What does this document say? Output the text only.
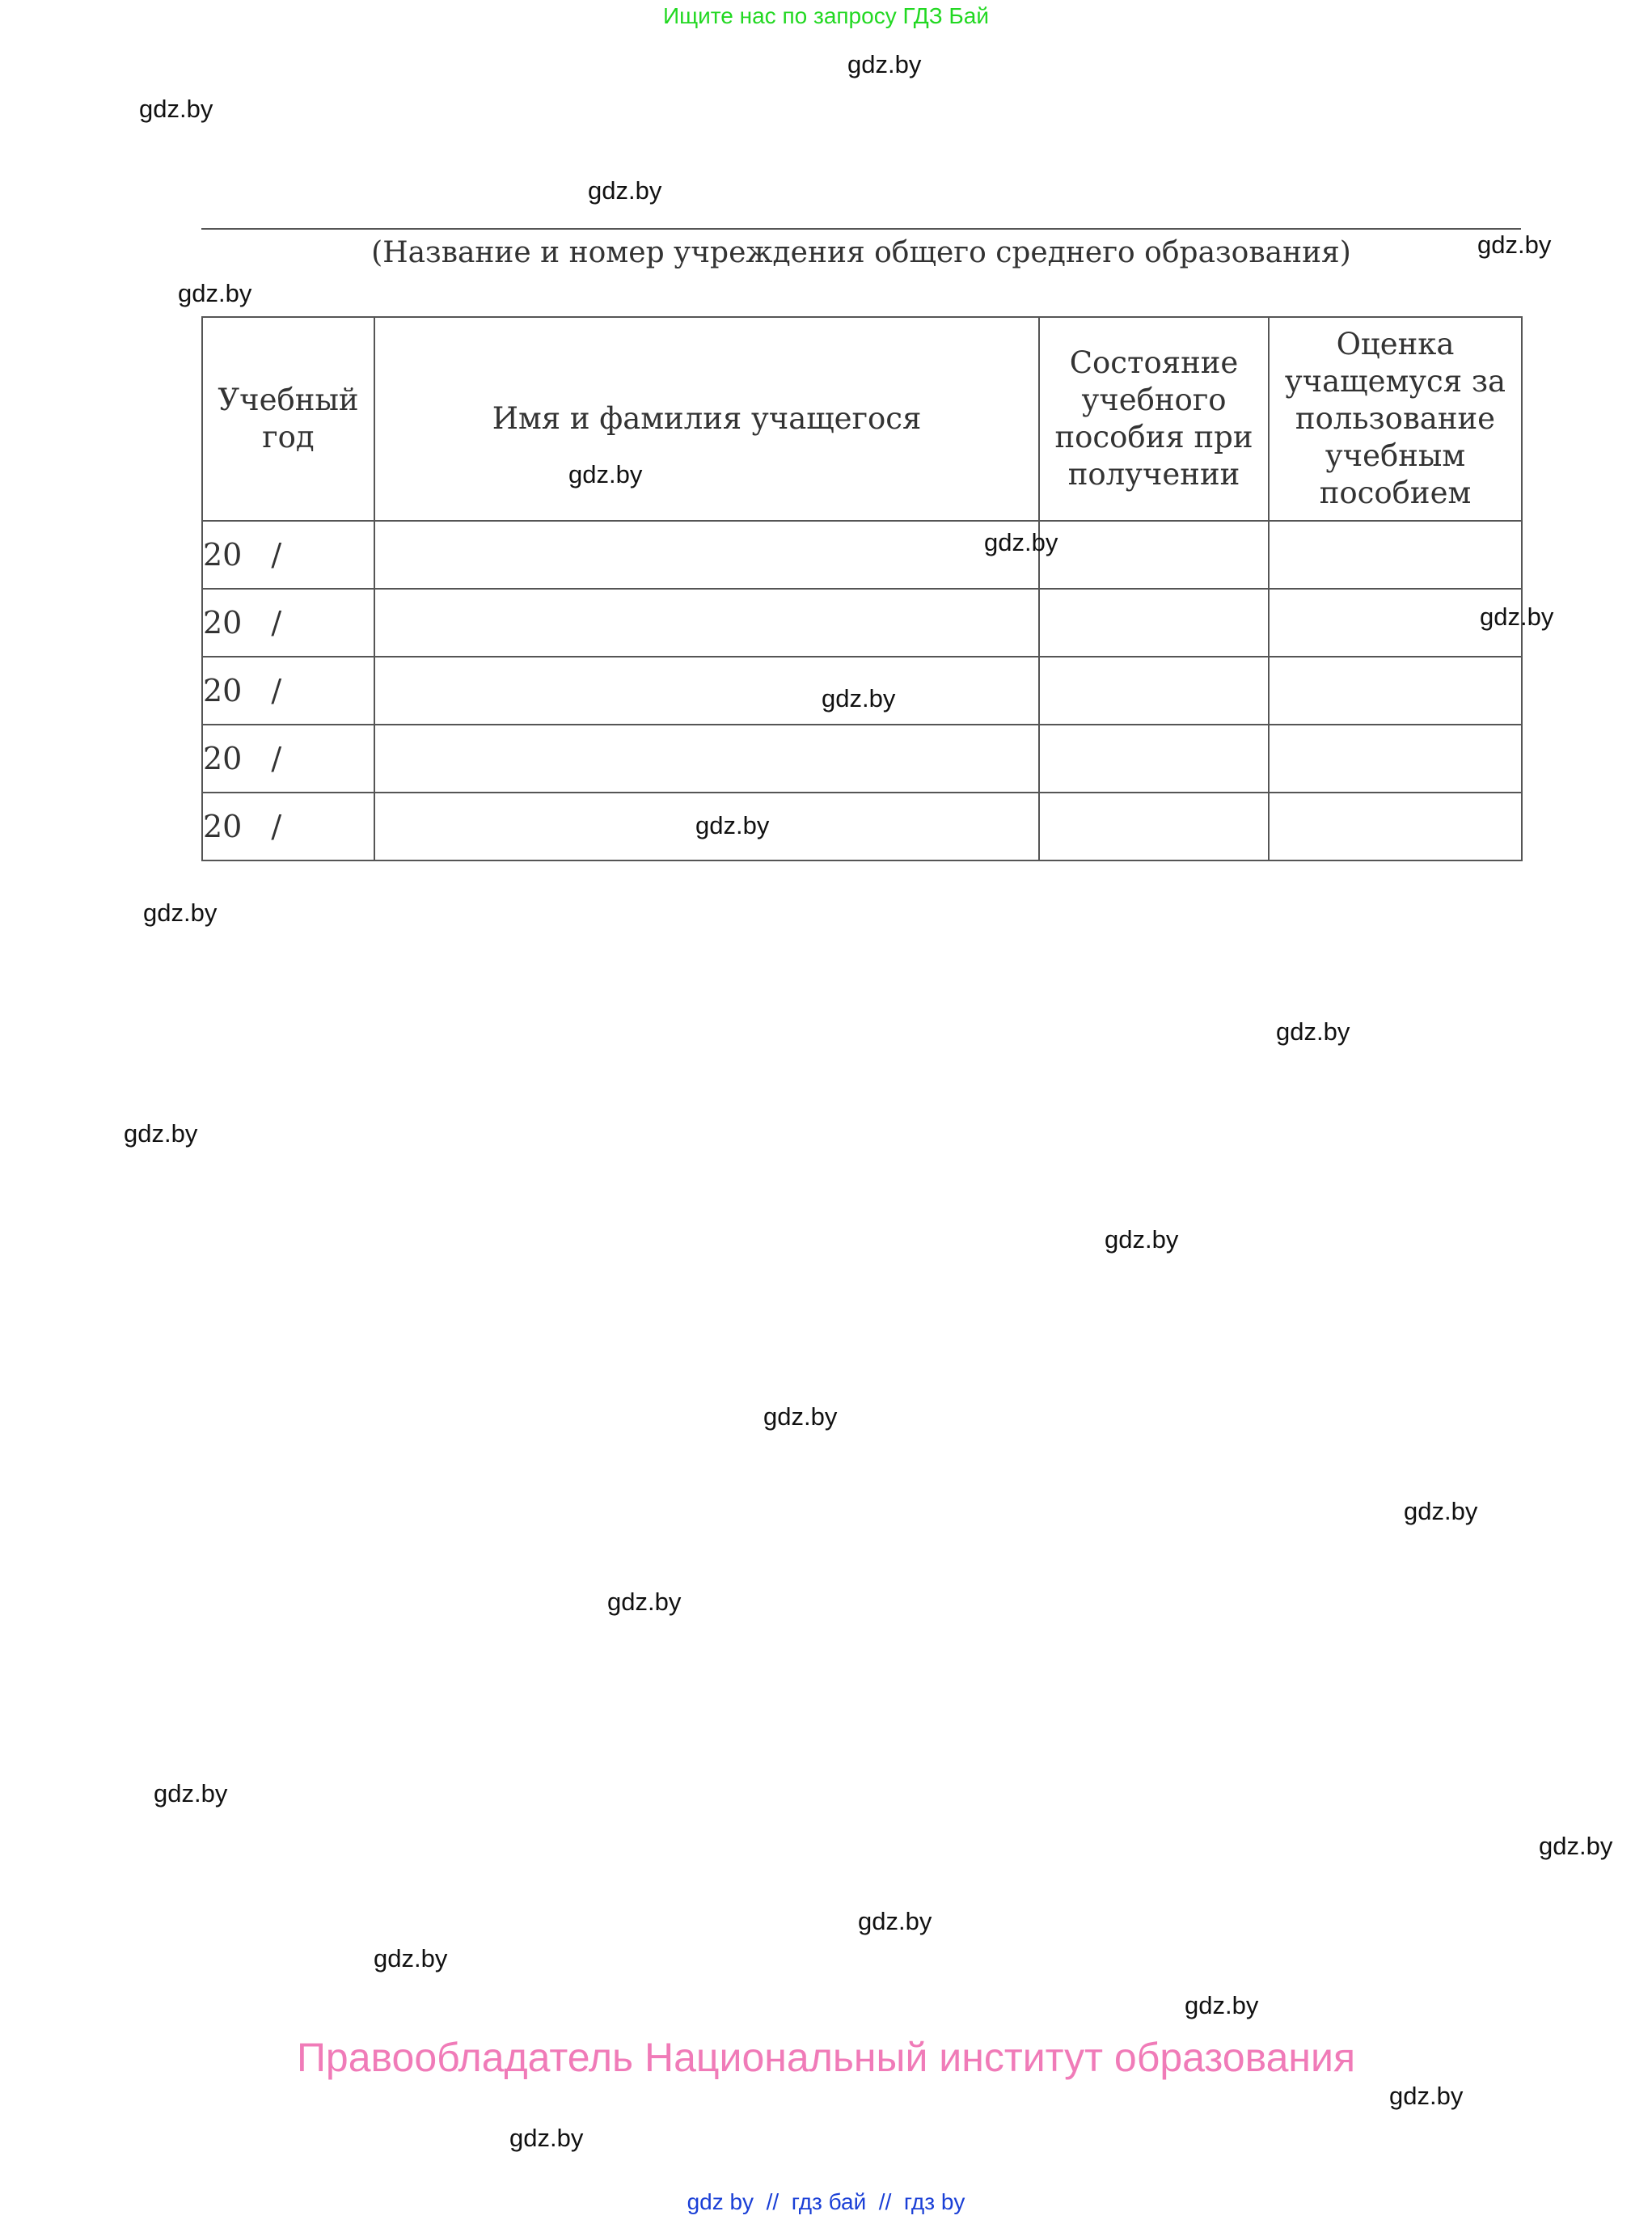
Ищите нас по запросу ГДЗ Бай
gdz.by
gdz.by
gdz.by
gdz.by
gdz.by
(Название и номер учреждения общего среднего образования)
Учебный год	Имя и фамилия учащегося	Состояние учебного пособия при получении	Оценка учащемуся за пользование учебным пособием
20 /			
20 /			
20 /			
20 /			
20 /			
gdz.by
gdz.by
gdz.by
gdz.by
gdz.by
gdz.by
gdz.by
gdz.by
gdz.by
gdz.by
gdz.by
gdz.by
gdz.by
gdz.by
gdz.by
gdz.by
gdz.by
gdz.by
gdz.by
Правообладатель Национальный институт образования
gdz by  //  гдз бай  //  гдз by
